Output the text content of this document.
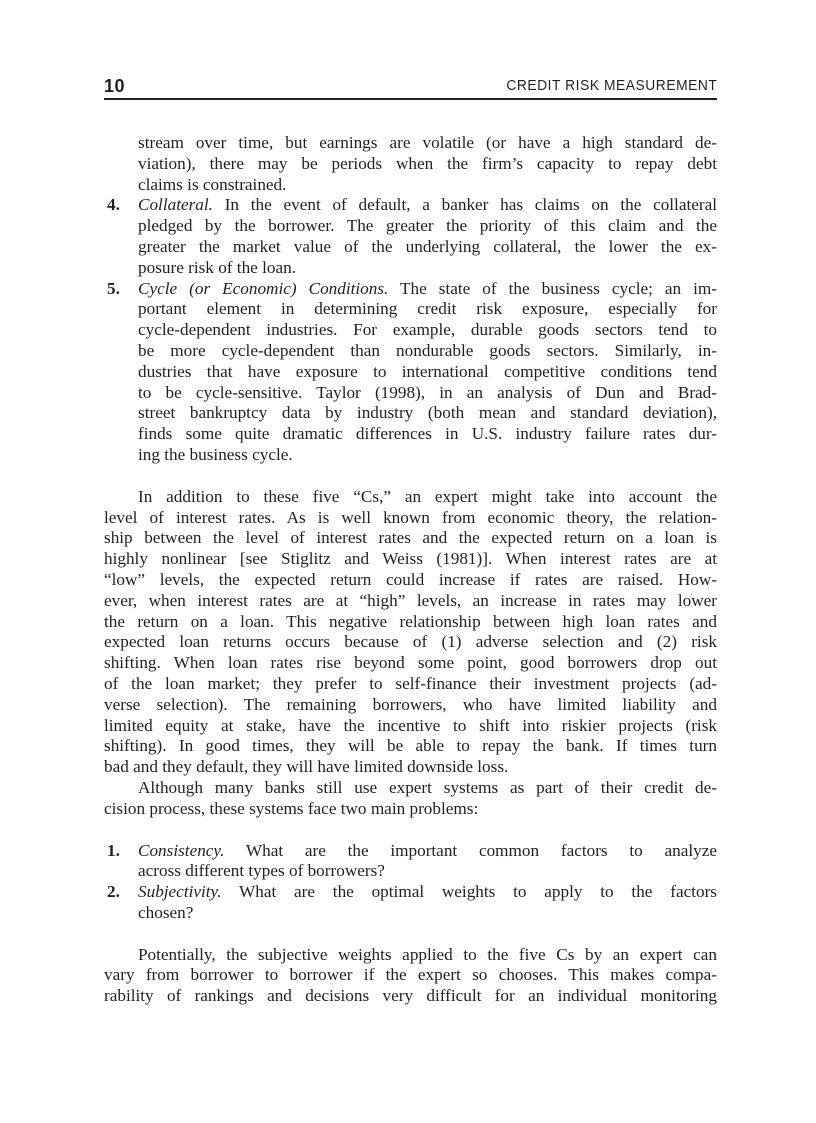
10	CREDIT RISK MEASUREMENT
stream over time, but earnings are volatile (or have a high standard de-
viation), there may be periods when the firm’s capacity to repay debt
claims is constrained.
4. Collateral. In the event of default, a banker has claims on the collateral
pledged by the borrower. The greater the priority of this claim and the
greater the market value of the underlying collateral, the lower the ex-
posure risk of the loan.
5. Cycle (or Economic) Conditions. The state of the business cycle; an im-
portant element in determining credit risk exposure, especially for
cycle-dependent industries. For example, durable goods sectors tend to
be more cycle-dependent than nondurable goods sectors. Similarly, in-
dustries that have exposure to international competitive conditions tend
to be cycle-sensitive. Taylor (1998), in an analysis of Dun and Brad-
street bankruptcy data by industry (both mean and standard deviation),
finds some quite dramatic differences in U.S. industry failure rates dur-
ing the business cycle.
In addition to these five “Cs,” an expert might take into account the
level of interest rates. As is well known from economic theory, the relation-
ship between the level of interest rates and the expected return on a loan is
highly nonlinear [see Stiglitz and Weiss (1981)]. When interest rates are at
“low” levels, the expected return could increase if rates are raised. How-
ever, when interest rates are at “high” levels, an increase in rates may lower
the return on a loan. This negative relationship between high loan rates and
expected loan returns occurs because of (1) adverse selection and (2) risk
shifting. When loan rates rise beyond some point, good borrowers drop out
of the loan market; they prefer to self-finance their investment projects (ad-
verse selection). The remaining borrowers, who have limited liability and
limited equity at stake, have the incentive to shift into riskier projects (risk
shifting). In good times, they will be able to repay the bank. If times turn
bad and they default, they will have limited downside loss.
Although many banks still use expert systems as part of their credit de-
cision process, these systems face two main problems:
1. Consistency. What are the important common factors to analyze
across different types of borrowers?
2. Subjectivity. What are the optimal weights to apply to the factors
chosen?
Potentially, the subjective weights applied to the five Cs by an expert can
vary from borrower to borrower if the expert so chooses. This makes compa-
rability of rankings and decisions very difficult for an individual monitoring
